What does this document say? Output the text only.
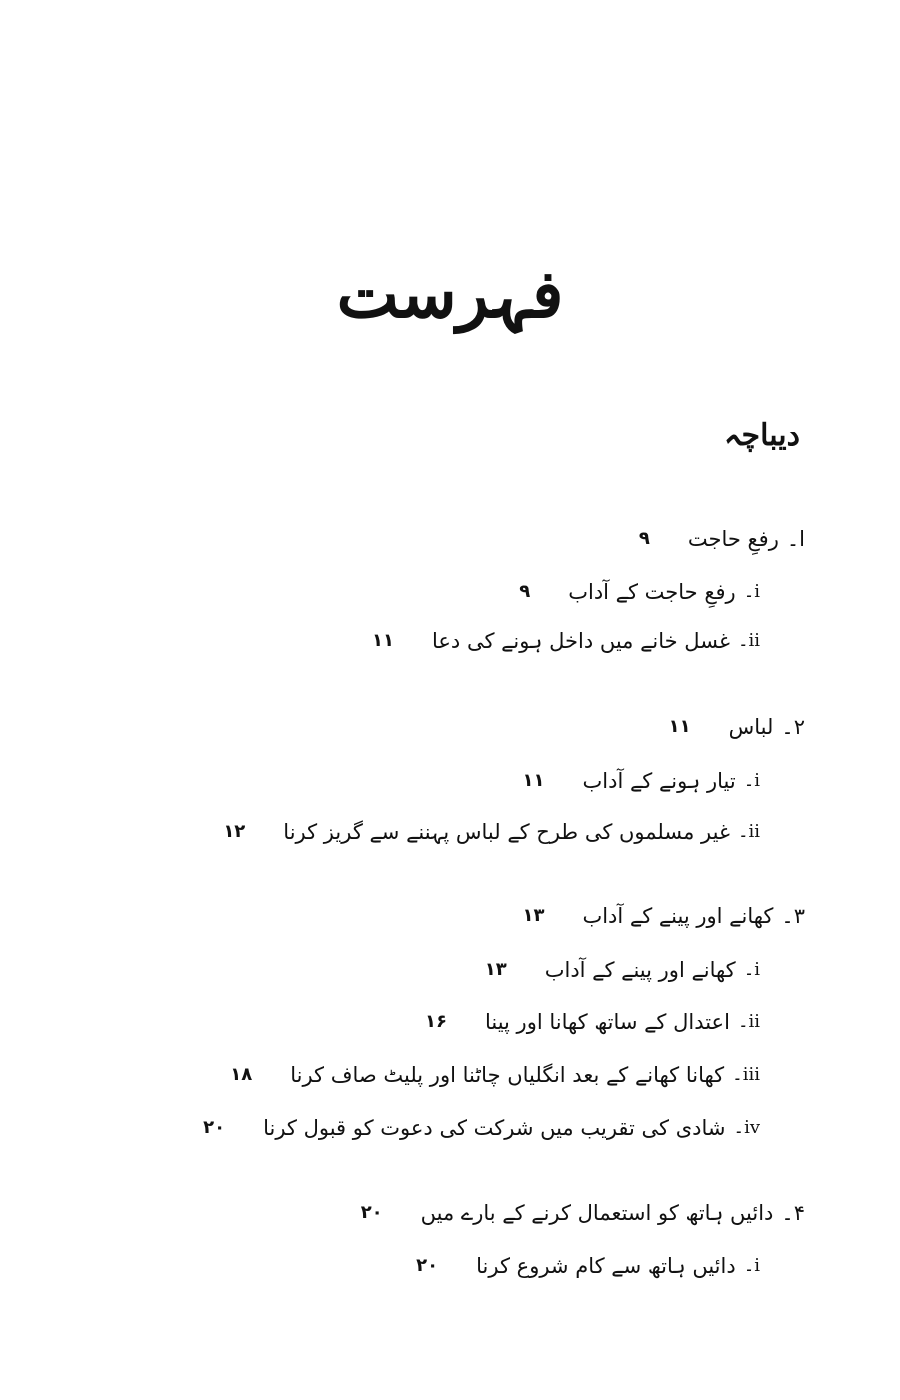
فہرست
دیباچہ
ا۔رفعِ حاجت۹
i۔رفعِ حاجت کے آداب۹
ii۔غسل خانے میں داخل ہونے کی دعا۱۱
۲۔لباس۱۱
i۔تیار ہونے کے آداب۱۱
ii۔غیر مسلموں کی طرح کے لباس پہننے سے گریز کرنا۱۲
۳۔کھانے اور پینے کے آداب۱۳
i۔کھانے اور پینے کے آداب۱۳
ii۔اعتدال کے ساتھ کھانا اور پینا۱۶
iii۔کھانا کھانے کے بعد انگلیاں چاٹنا اور پلیٹ صاف کرنا۱۸
iv۔شادی کی تقریب میں شرکت کی دعوت کو قبول کرنا۲۰
۴۔دائیں ہاتھ کو استعمال کرنے کے بارے میں۲۰
i۔دائیں ہاتھ سے کام شروع کرنا۲۰
